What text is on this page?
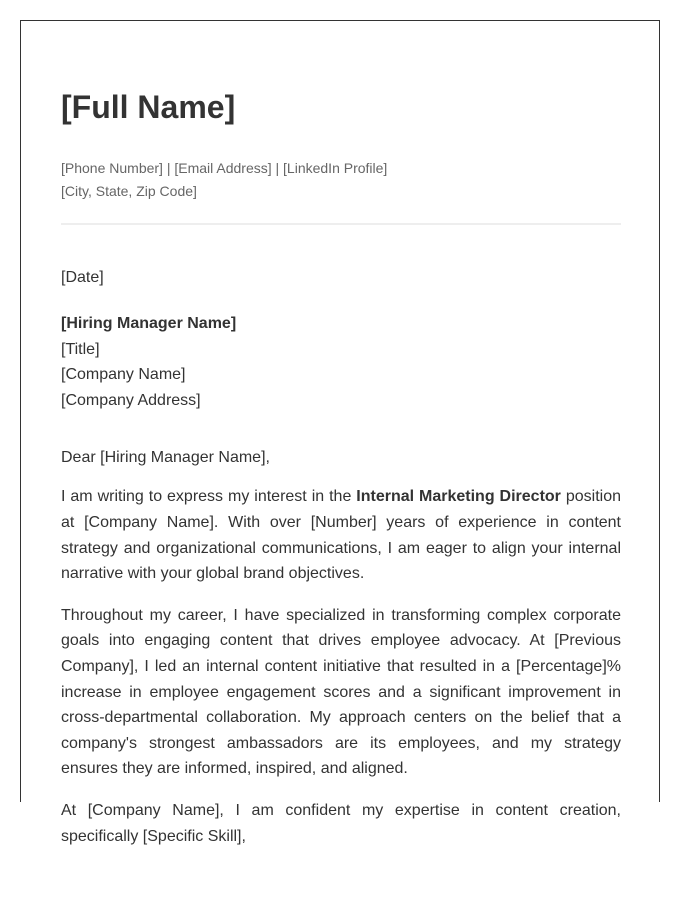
[Full Name]
[Phone Number] | [Email Address] | [LinkedIn Profile]
[City, State, Zip Code]
[Date]
[Hiring Manager Name]
[Title]
[Company Name]
[Company Address]
Dear [Hiring Manager Name],

I am writing to express my interest in the Internal Marketing Director position at [Company Name]. With over [Number] years of experience in content strategy and organizational communications, I am eager to align your internal narrative with your global brand objectives.

Throughout my career, I have specialized in transforming complex corporate goals into engaging content that drives employee advocacy. At [Previous Company], I led an internal content initiative that resulted in a [Percentage]% increase in employee engagement scores and a significant improvement in cross-departmental collaboration. My approach centers on the belief that a company's strongest ambassadors are its employees, and my strategy ensures they are informed, inspired, and aligned.

At [Company Name], I am confident my expertise in content creation, specifically [Specific Skill],
